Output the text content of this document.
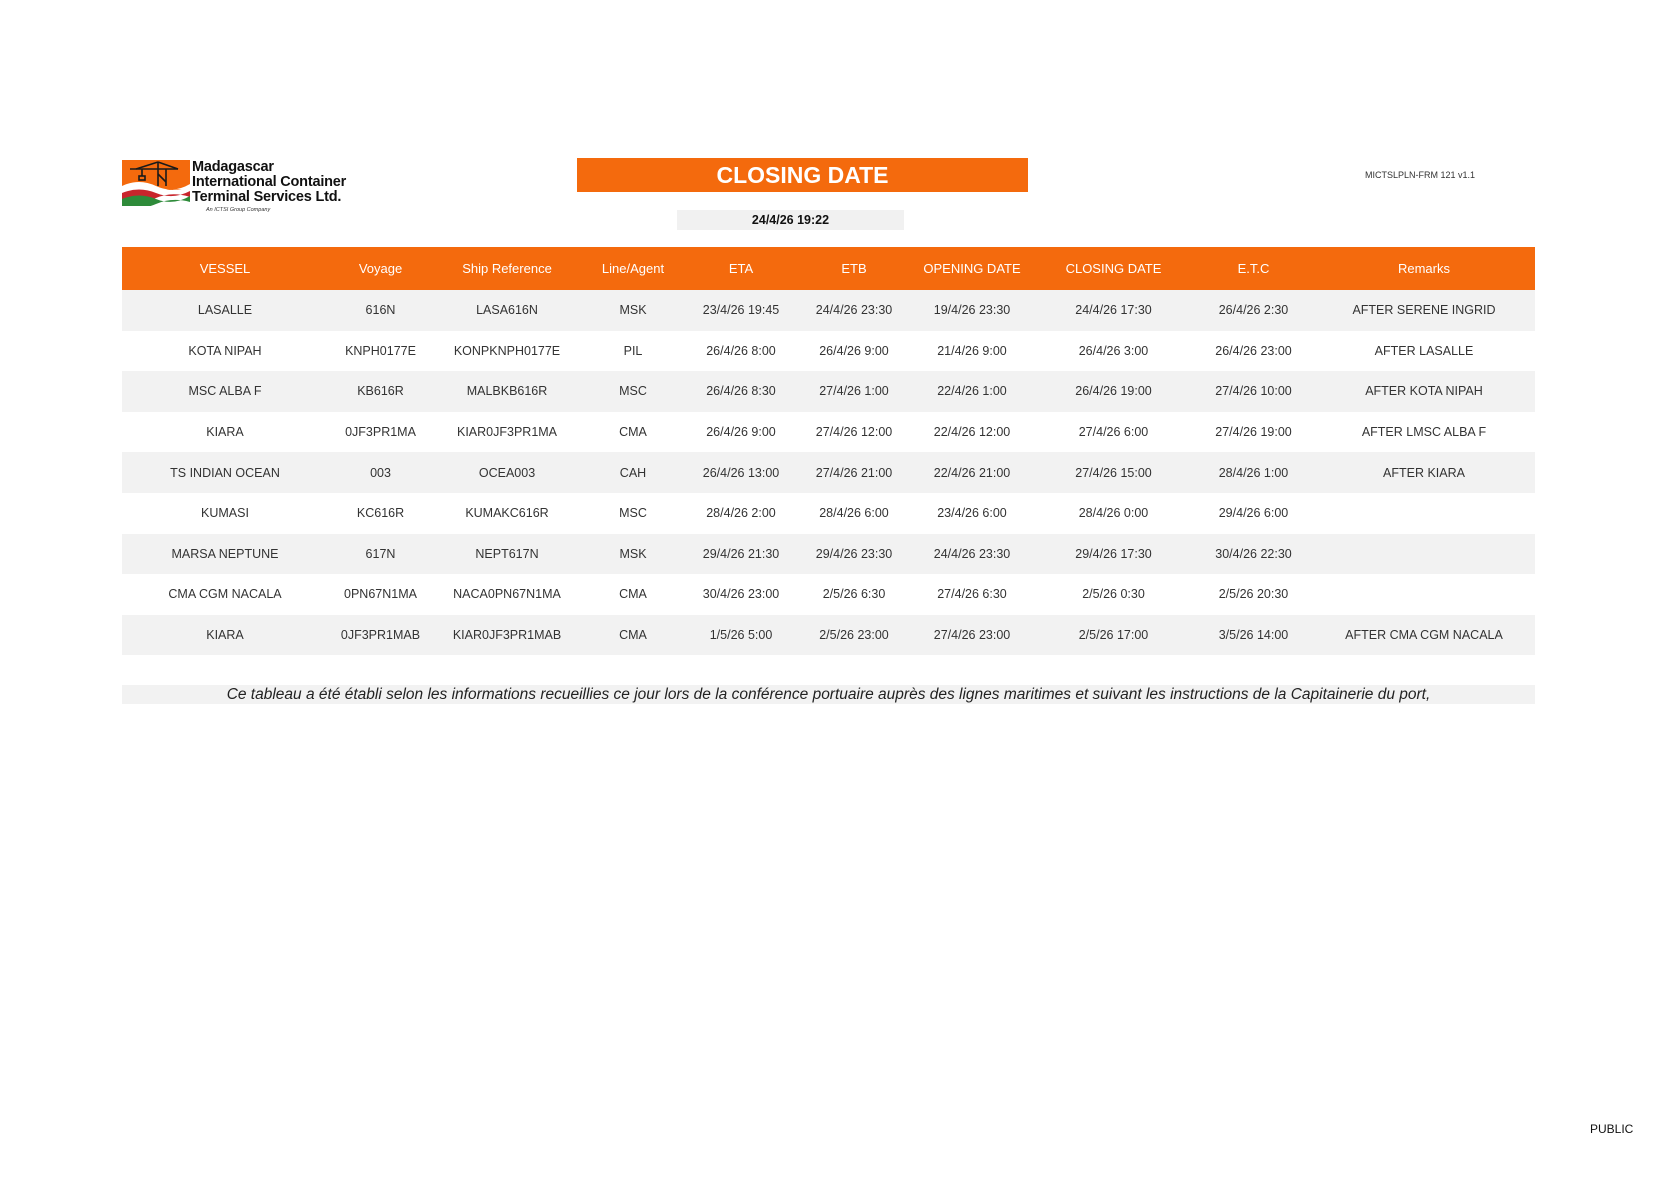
Madagascar
International Container
Terminal Services Ltd.
An ICTSI Group Company
CLOSING DATE
24/4/26 19:22
MICTSLPLN-FRM 121 v1.1
VESSEL	Voyage	Ship Reference	Line/Agent	ETA	ETB	OPENING DATE	CLOSING DATE	E.T.C	Remarks
LASALLE	616N	LASA616N	MSK	23/4/26 19:45	24/4/26 23:30	19/4/26 23:30	24/4/26 17:30	26/4/26 2:30	AFTER SERENE INGRID
KOTA NIPAH	KNPH0177E	KONPKNPH0177E	PIL	26/4/26 8:00	26/4/26 9:00	21/4/26 9:00	26/4/26 3:00	26/4/26 23:00	AFTER LASALLE
MSC ALBA F	KB616R	MALBKB616R	MSC	26/4/26 8:30	27/4/26 1:00	22/4/26 1:00	26/4/26 19:00	27/4/26 10:00	AFTER KOTA NIPAH
KIARA	0JF3PR1MA	KIAR0JF3PR1MA	CMA	26/4/26 9:00	27/4/26 12:00	22/4/26 12:00	27/4/26 6:00	27/4/26 19:00	AFTER LMSC ALBA F
TS INDIAN OCEAN	003	OCEA003	CAH	26/4/26 13:00	27/4/26 21:00	22/4/26 21:00	27/4/26 15:00	28/4/26 1:00	AFTER KIARA
KUMASI	KC616R	KUMAKC616R	MSC	28/4/26 2:00	28/4/26 6:00	23/4/26 6:00	28/4/26 0:00	29/4/26 6:00	
MARSA NEPTUNE	617N	NEPT617N	MSK	29/4/26 21:30	29/4/26 23:30	24/4/26 23:30	29/4/26 17:30	30/4/26 22:30	
CMA CGM NACALA	0PN67N1MA	NACA0PN67N1MA	CMA	30/4/26 23:00	2/5/26 6:30	27/4/26 6:30	2/5/26 0:30	2/5/26 20:30	
KIARA	0JF3PR1MAB	KIAR0JF3PR1MAB	CMA	1/5/26 5:00	2/5/26 23:00	27/4/26 23:00	2/5/26 17:00	3/5/26 14:00	AFTER CMA CGM NACALA
Ce tableau a été établi selon les informations recueillies ce jour lors de la conférence portuaire auprès des lignes maritimes et suivant les instructions de la Capitainerie du port,
PUBLIC
